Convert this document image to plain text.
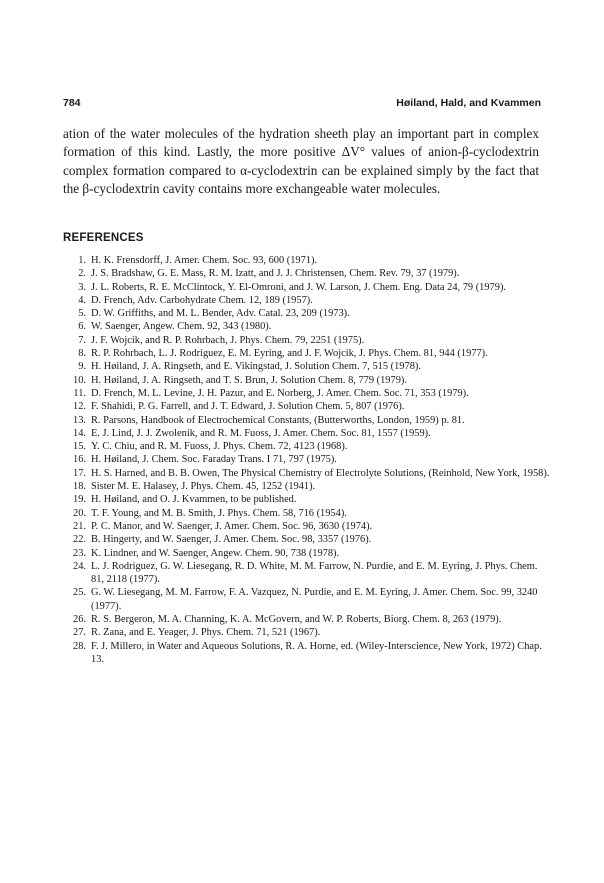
784	Høiland, Hald, and Kvammen

ation of the water molecules of the hydration sheeth play an important part in complex formation of this kind. Lastly, the more positive ΔV° values of anion-β-cyclodextrin complex formation compared to α-cyclodextrin can be explained simply by the fact that the β-cyclodextrin cavity contains more exchangeable water molecules.

REFERENCES
1. H. K. Frensdorff, J. Amer. Chem. Soc. 93, 600 (1971).
2. J. S. Bradshaw, G. E. Mass, R. M. Izatt, and J. J. Christensen, Chem. Rev. 79, 37 (1979).
3. J. L. Roberts, R. E. McClintock, Y. El-Omroni, and J. W. Larson, J. Chem. Eng. Data 24, 79 (1979).
4. D. French, Adv. Carbohydrate Chem. 12, 189 (1957).
5. D. W. Griffiths, and M. L. Bender, Adv. Catal. 23, 209 (1973).
6. W. Saenger, Angew. Chem. 92, 343 (1980).
7. J. F. Wojcik, and R. P. Rohrbach, J. Phys. Chem. 79, 2251 (1975).
8. R. P. Rohrbach, L. J. Rodriguez, E. M. Eyring, and J. F. Wojcik, J. Phys. Chem. 81, 944 (1977).
9. H. Høiland, J. A. Ringseth, and E. Vikingstad, J. Solution Chem. 7, 515 (1978).
10. H. Høiland, J. A. Ringseth, and T. S. Brun, J. Solution Chem. 8, 779 (1979).
11. D. French, M. L. Levine, J. H. Pazur, and E. Norberg, J. Amer. Chem. Soc. 71, 353 (1979).
12. F. Shahidi, P. G. Farrell, and J. T. Edward, J. Solution Chem. 5, 807 (1976).
13. R. Parsons, Handbook of Electrochemical Constants, (Butterworths, London, 1959) p. 81.
14. E. J. Lind, J. J. Zwolenik, and R. M. Fuoss, J. Amer. Chem. Soc. 81, 1557 (1959).
15. Y. C. Chiu, and R. M. Fuoss, J. Phys. Chem. 72, 4123 (1968).
16. H. Høiland, J. Chem. Soc. Faraday Trans. I 71, 797 (1975).
17. H. S. Harned, and B. B. Owen, The Physical Chemistry of Electrolyte Solutions, (Reinhold, New York, 1958).
18. Sister M. E. Halasey, J. Phys. Chem. 45, 1252 (1941).
19. H. Høiland, and O. J. Kvammen, to be published.
20. T. F. Young, and M. B. Smith, J. Phys. Chem. 58, 716 (1954).
21. P. C. Manor, and W. Saenger, J. Amer. Chem. Soc. 96, 3630 (1974).
22. B. Hingerty, and W. Saenger, J. Amer. Chem. Soc. 98, 3357 (1976).
23. K. Lindner, and W. Saenger, Angew. Chem. 90, 738 (1978).
24. L. J. Rodriguez, G. W. Liesegang, R. D. White, M. M. Farrow, N. Purdie, and E. M. Eyring, J. Phys. Chem. 81, 2118 (1977).
25. G. W. Liesegang, M. M. Farrow, F. A. Vazquez, N. Purdie, and E. M. Eyring, J. Amer. Chem. Soc. 99, 3240 (1977).
26. R. S. Bergeron, M. A. Channing, K. A. McGovern, and W. P. Roberts, Biorg. Chem. 8, 263 (1979).
27. R. Zana, and E. Yeager, J. Phys. Chem. 71, 521 (1967).
28. F. J. Millero, in Water and Aqueous Solutions, R. A. Horne, ed. (Wiley-Interscience, New York, 1972) Chap. 13.
